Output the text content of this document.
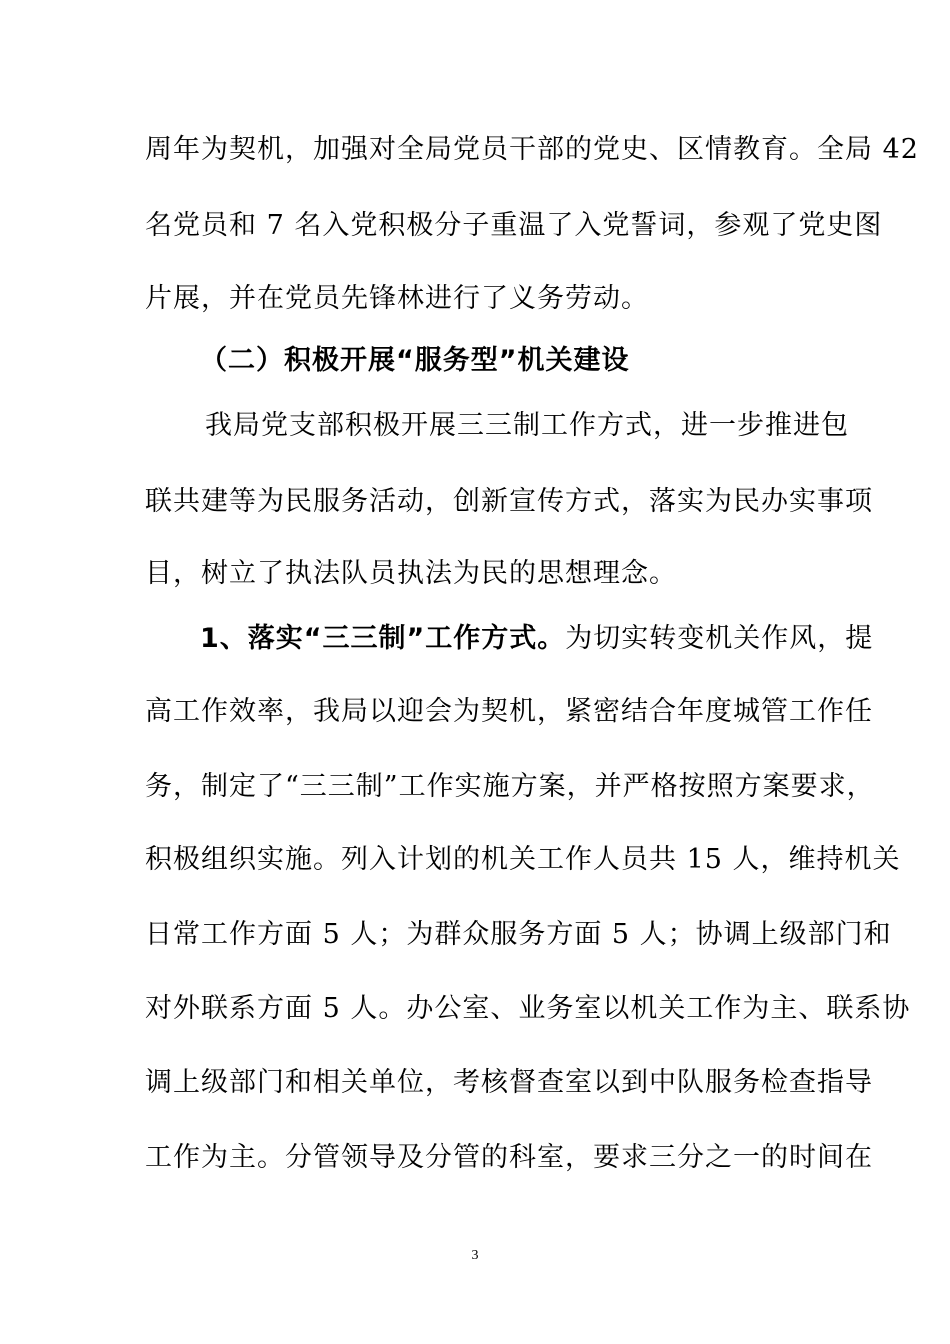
周年为契机，加强对全局党员干部的党史、区情教育。全局 42
名党员和 7 名入党积极分子重温了入党誓词，参观了党史图
片展，并在党员先锋林进行了义务劳动。
（二）积极开展“服务型”机关建设
我局党支部积极开展三三制工作方式，进一步推进包
联共建等为民服务活动，创新宣传方式，落实为民办实事项
目，树立了执法队员执法为民的思想理念。
1、落实“三三制”工作方式。 为切实转变机关作风，提
高工作效率，我局以迎会为契机，紧密结合年度城管工作任
务，制定了“三三制”工作实施方案，并严格按照方案要求，
积极组织实施。列入计划的机关工作人员共 15 人，维持机关
日常工作方面 5 人；为群众服务方面 5 人；协调上级部门和
对外联系方面 5 人。办公室、业务室以机关工作为主、联系协
调上级部门和相关单位，考核督查室以到中队服务检查指导
工作为主。分管领导及分管的科室，要求三分之一的时间在
3
